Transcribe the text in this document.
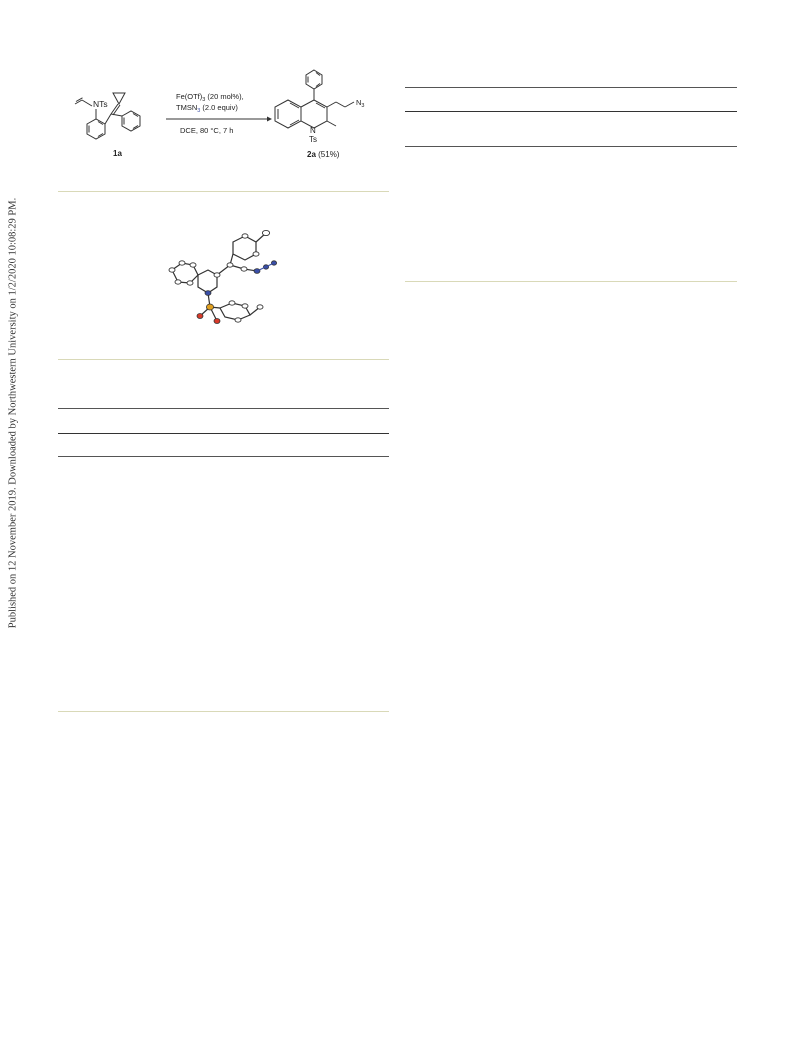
Published on 12 November 2019. Downloaded by Northwestern University on 1/2/2020 10:08:29 PM.
NTs
1a
$Fe(OTf)_3$ (20 mol%),
$TMSN_3$ (2.0 equiv)
DCE, 80 °C, 7 h
$N_3$
N
Ts
2a (51%)
